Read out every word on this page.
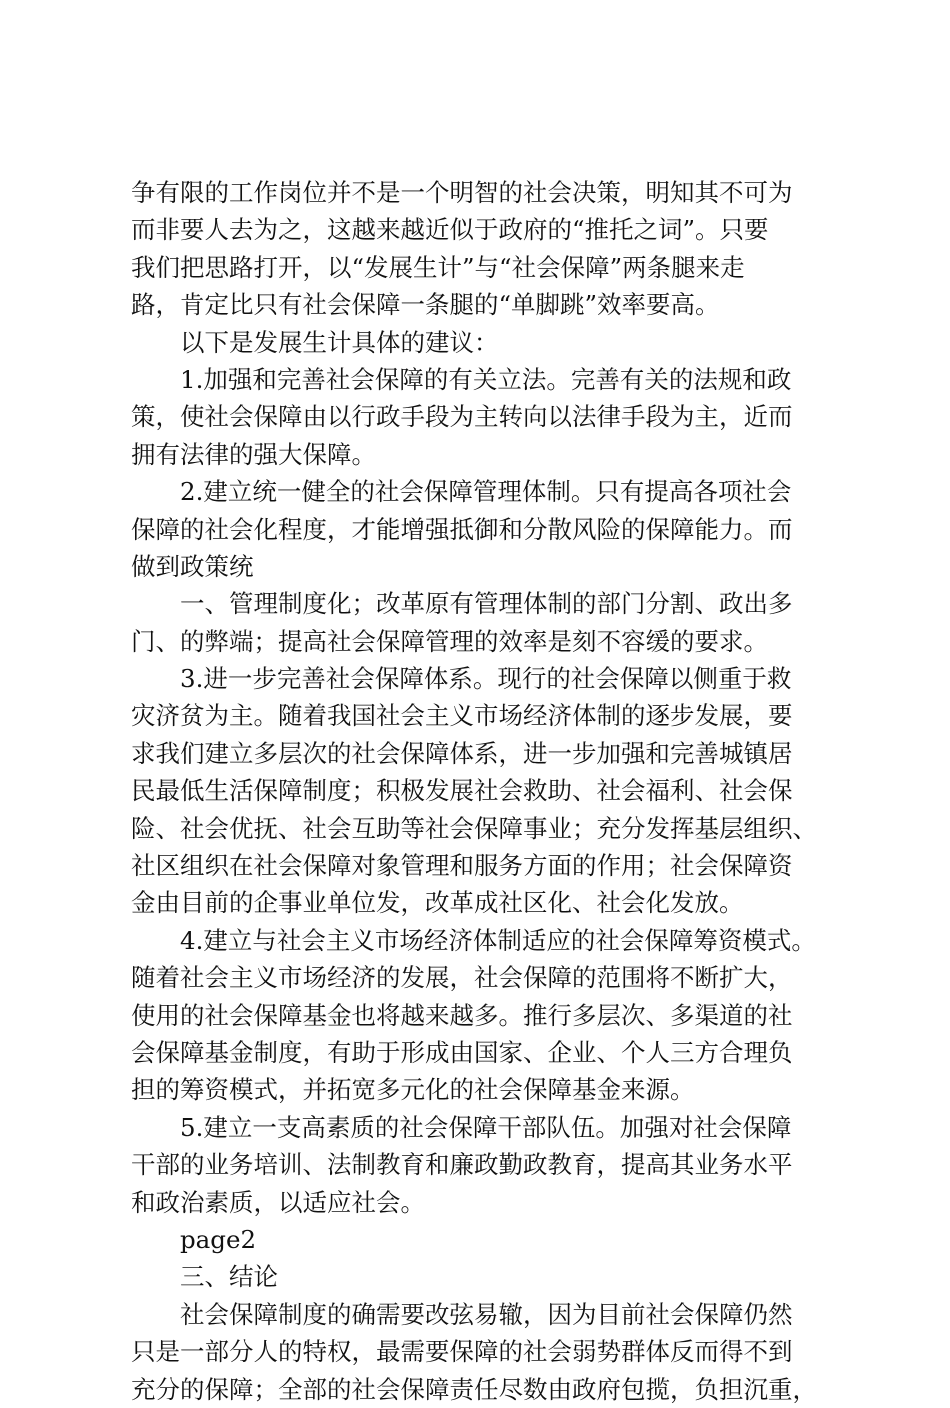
争有限的工作岗位并不是一个明智的社会决策，明知其不可为
而非要人去为之，这越来越近似于政府的“推托之词”。只要
我们把思路打开，以“发展生计”与“社会保障”两条腿来走
路，肯定比只有社会保障一条腿的“单脚跳”效率要高。
以下是发展生计具体的建议：
1.加强和完善社会保障的有关立法。完善有关的法规和政
策，使社会保障由以行政手段为主转向以法律手段为主，近而
拥有法律的强大保障。
2.建立统一健全的社会保障管理体制。只有提高各项社会
保障的社会化程度，才能增强抵御和分散风险的保障能力。而
做到政策统
一、管理制度化；改革原有管理体制的部门分割、政出多
门、的弊端；提高社会保障管理的效率是刻不容缓的要求。
3.进一步完善社会保障体系。现行的社会保障以侧重于救
灾济贫为主。随着我国社会主义市场经济体制的逐步发展，要
求我们建立多层次的社会保障体系，进一步加强和完善城镇居
民最低生活保障制度；积极发展社会救助、社会福利、社会保
险、社会优抚、社会互助等社会保障事业；充分发挥基层组织、
社区组织在社会保障对象管理和服务方面的作用；社会保障资
金由目前的企事业单位发，改革成社区化、社会化发放。
4.建立与社会主义市场经济体制适应的社会保障筹资模式。
随着社会主义市场经济的发展，社会保障的范围将不断扩大，
使用的社会保障基金也将越来越多。推行多层次、多渠道的社
会保障基金制度，有助于形成由国家、企业、个人三方合理负
担的筹资模式，并拓宽多元化的社会保障基金来源。
5.建立一支高素质的社会保障干部队伍。加强对社会保障
干部的业务培训、法制教育和廉政勤政教育，提高其业务水平
和政治素质，以适应社会。
page2
三、结论
社会保障制度的确需要改弦易辙，因为目前社会保障仍然
只是一部分人的特权，最需要保障的社会弱势群体反而得不到
充分的保障；全部的社会保障责任尽数由政府包揽，负担沉重，
